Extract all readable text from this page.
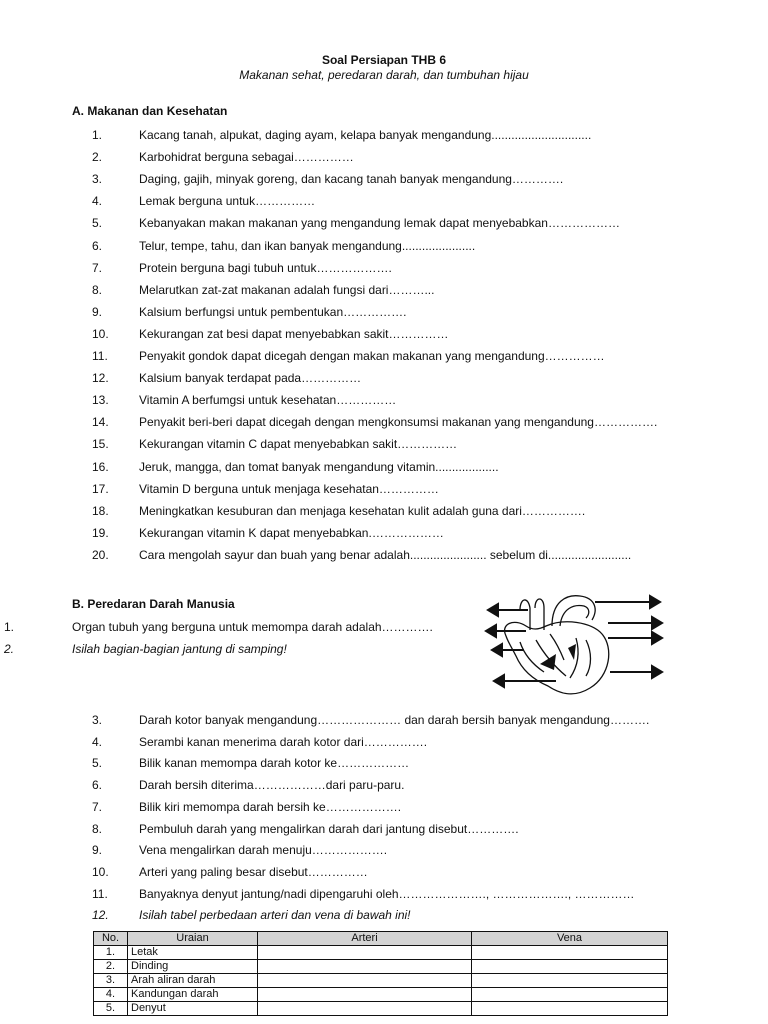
Soal Persiapan THB 6
Makanan sehat, peredaran darah, dan tumbuhan hijau
A. Makanan dan Kesehatan
1.	Kacang tanah, alpukat, daging ayam, kelapa banyak mengandung..............................
2.	Karbohidrat berguna sebagai……………
3.	Daging, gajih, minyak goreng, dan kacang tanah banyak mengandung………….
4.	Lemak berguna untuk……………
5.	Kebanyakan makan makanan yang mengandung lemak dapat menyebabkan………………
6.	Telur, tempe, tahu, dan ikan banyak mengandung......................
7.	Protein berguna bagi tubuh untuk……………….
8.	Melarutkan zat-zat makanan adalah fungsi dari………...
9.	Kalsium berfungsi untuk pembentukan…………….
10.	Kekurangan zat besi dapat menyebabkan sakit……………
11.	Penyakit gondok dapat dicegah dengan makan makanan yang mengandung……………
12.	Kalsium banyak terdapat pada……………
13.	Vitamin A berfumgsi untuk kesehatan……………
14.	Penyakit beri-beri dapat dicegah dengan mengkonsumsi makanan yang mengandung…………….
15.	Kekurangan vitamin C dapat menyebabkan sakit……………
16.	Jeruk, mangga, dan tomat banyak mengandung vitamin...................
17.	Vitamin D berguna untuk menjaga kesehatan……………
18.	Meningkatkan kesuburan dan menjaga kesehatan kulit adalah guna dari…………….
19.	Kekurangan vitamin K dapat menyebabkan.………………
20.	Cara mengolah sayur dan buah yang benar adalah....................... sebelum di.........................
B. Peredaran Darah Manusia
1.	Organ tubuh yang berguna untuk memompa darah adalah………….
2.	Isilah bagian-bagian jantung di samping!
3.	Darah kotor banyak mengandung………………… dan darah bersih banyak mengandung……….
4.	Serambi kanan menerima darah kotor dari…………….
5.	Bilik kanan memompa darah kotor ke………………
6.	Darah bersih diterima………………dari paru-paru.
7.	Bilik kiri memompa darah bersih ke……………….
8.	Pembuluh darah yang mengalirkan darah dari jantung disebut………….
9.	Vena mengalirkan darah menuju……………….
10.	Arteri yang paling besar disebut……………
11.	Banyaknya denyut jantung/nadi dipengaruhi oleh…………………., ………………., ……………
12.	Isilah tabel perbedaan arteri dan vena di bawah ini!
No.	Uraian	Arteri	Vena
1.	Letak		
2.	Dinding		
3.	Arah aliran darah		
4.	Kandungan darah		
5.	Denyut		
